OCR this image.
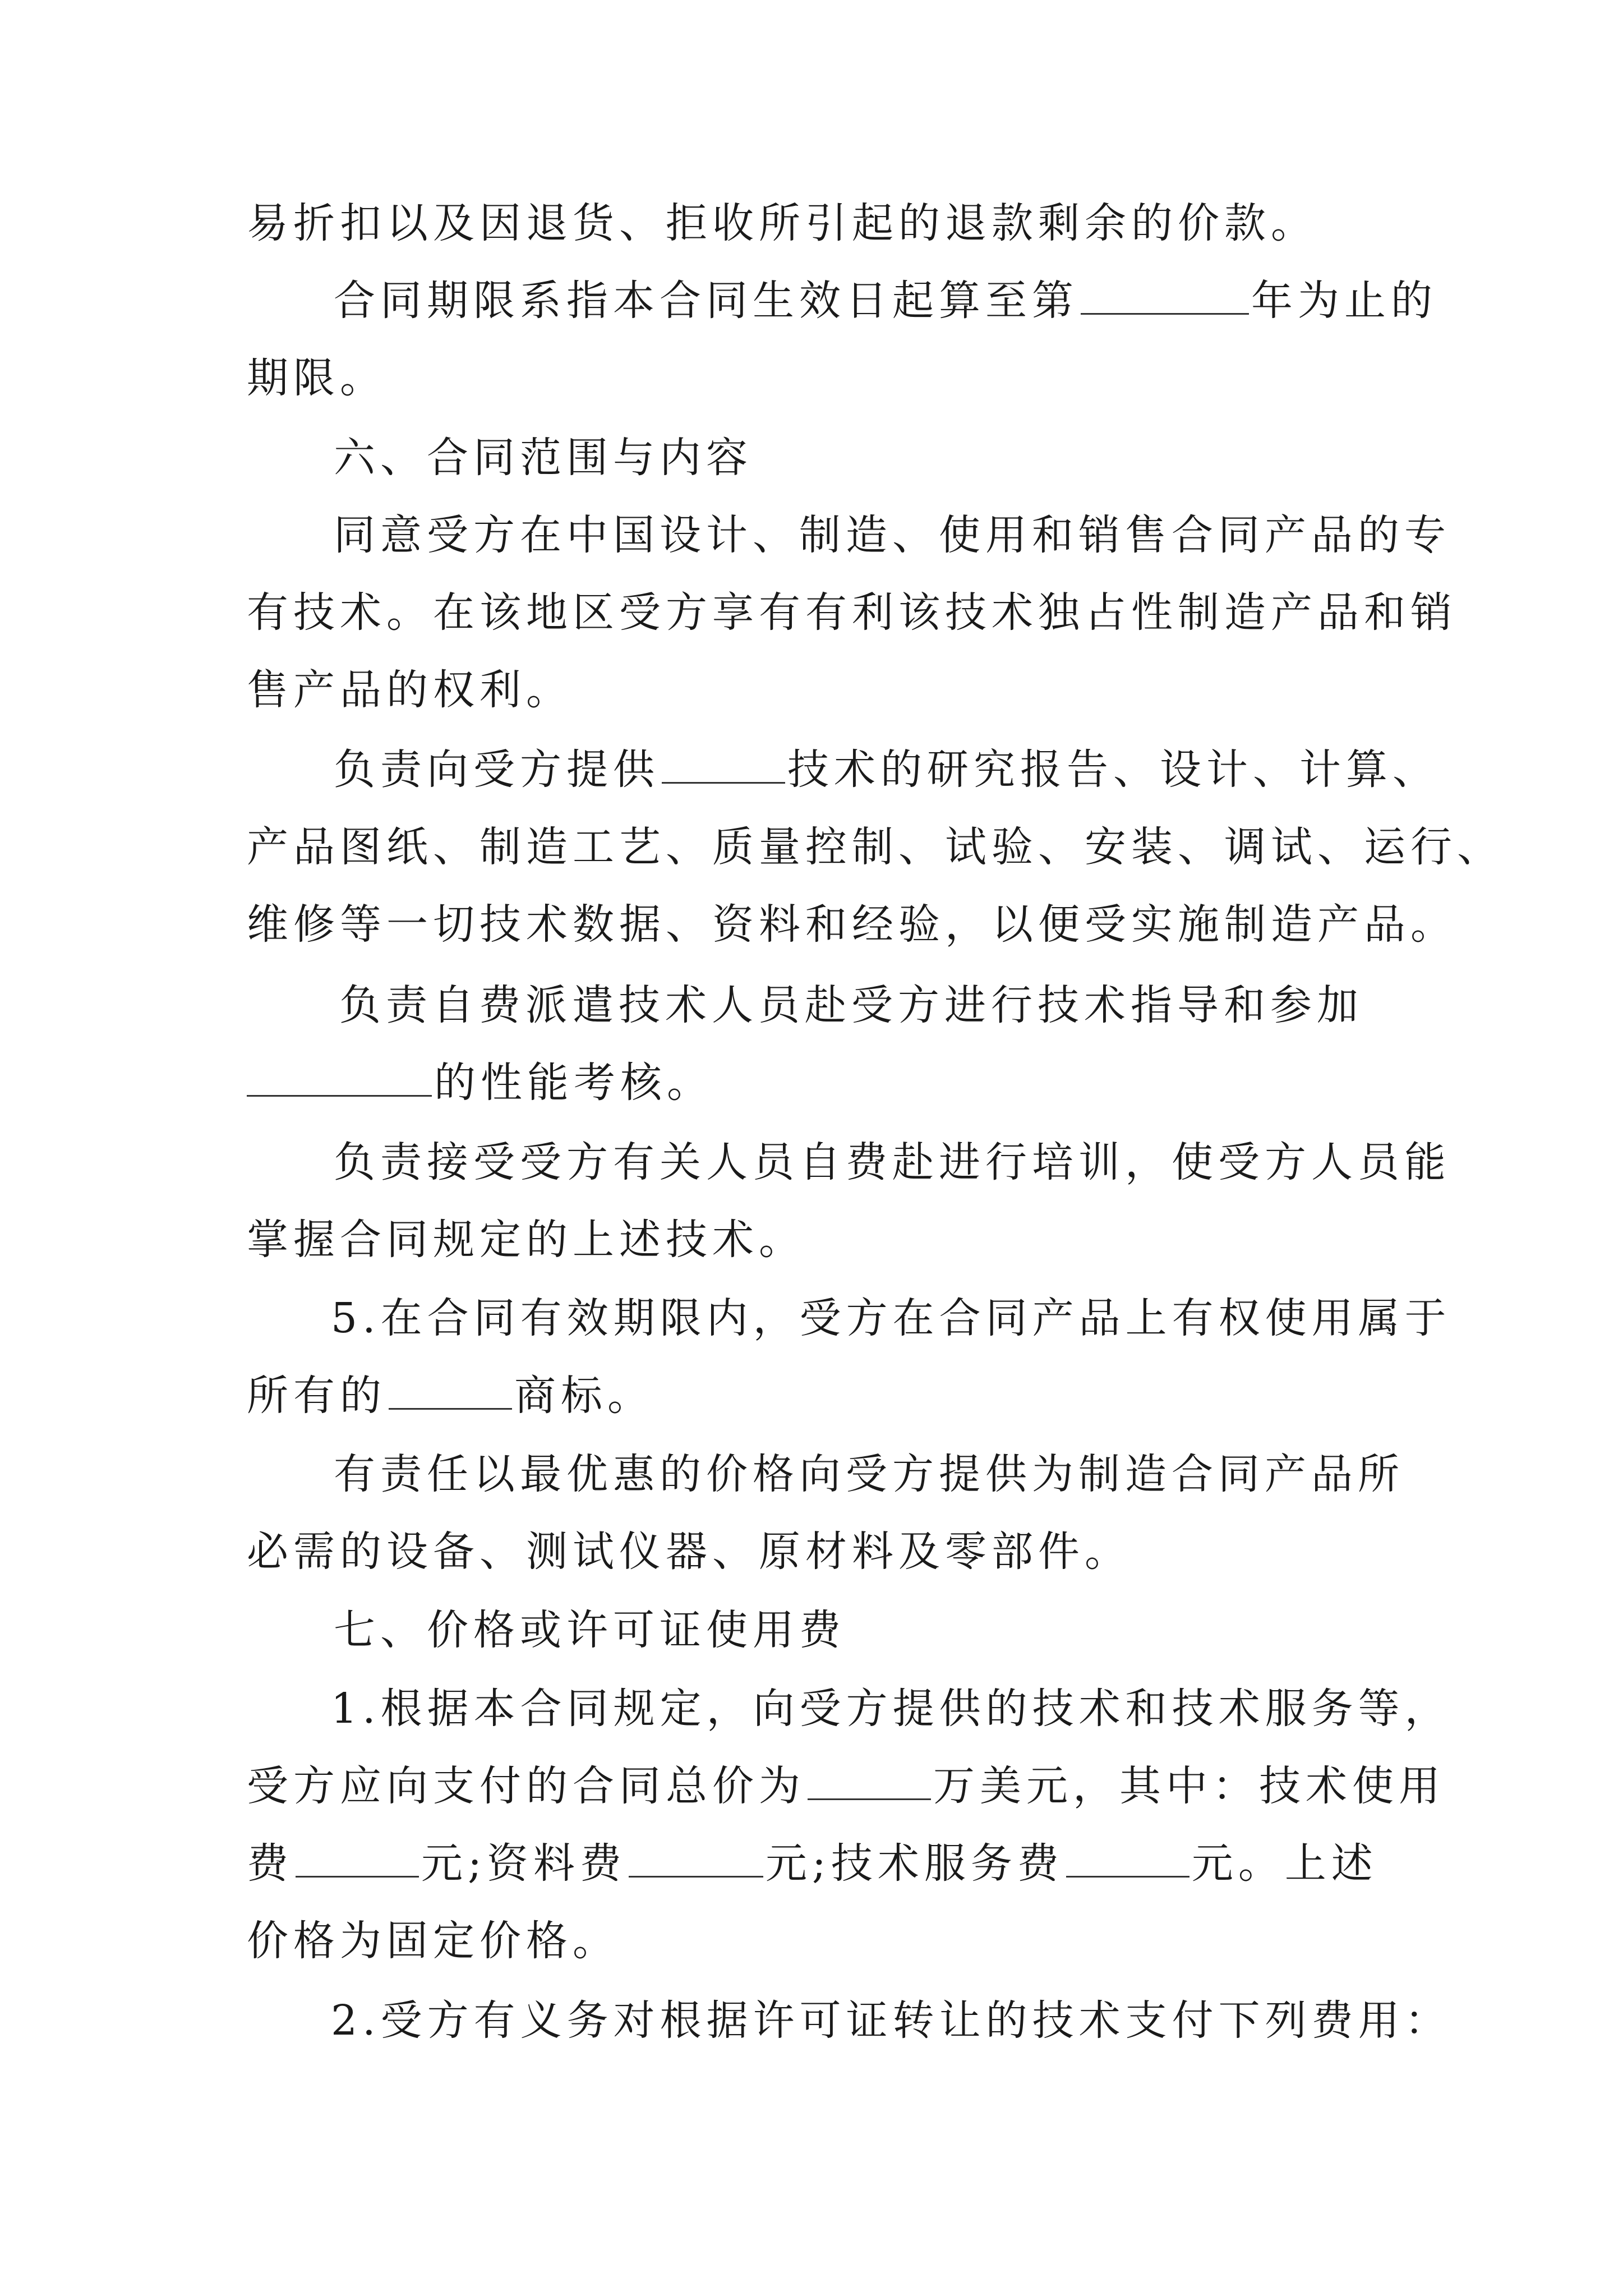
易折扣以及因退货、拒收所引起的退款剩余的价款。
合同期限系指本合同生效日起算至第	年为止的
期限。
六、合同范围与内容
同意受方在中国设计、制造、使用和销售合同产品的专
有技术。在该地区受方享有有利该技术独占性制造产品和销
售产品的权利。
负责向受方提供	技术的研究报告、设计、计算、
产品图纸、制造工艺、质量控制、试验、安装、调试、运行、
维修等一切技术数据、资料和经验，以便受实施制造产品。
负责自费派遣技术人员赴受方进行技术指导和参加
的性能考核。
负责接受受方有关人员自费赴进行培训，使受方人员能
掌握合同规定的上述技术。
5.在合同有效期限内，受方在合同产品上有权使用属于
所有的	商标。
有责任以最优惠的价格向受方提供为制造合同产品所
必需的设备、测试仪器、原材料及零部件。
七、价格或许可证使用费
1.根据本合同规定，向受方提供的技术和技术服务等，
受方应向支付的合同总价为	万美元，其中：技术使用
费	元;资料费	元;技术服务费	元。上述
价格为固定价格。
2.受方有义务对根据许可证转让的技术支付下列费用：
